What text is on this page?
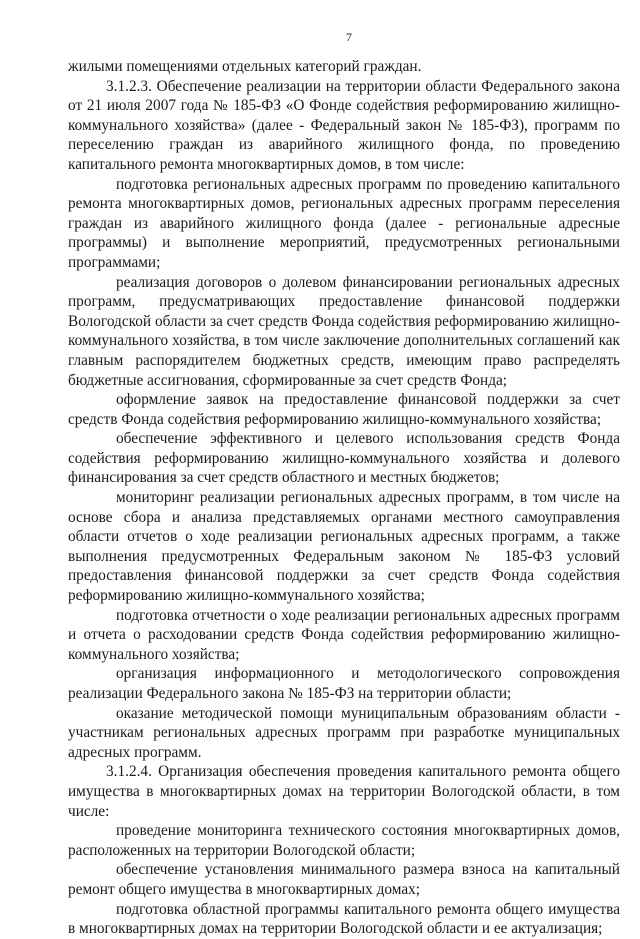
7

жилыми помещениями отдельных категорий граждан.

3.1.2.3. Обеспечение реализации на территории области Федерального закона от 21 июля 2007 года № 185-ФЗ «О Фонде содействия реформированию жилищно-коммунального хозяйства» (далее - Федеральный закон № 185-ФЗ), программ по переселению граждан из аварийного жилищного фонда, по проведению капитального ремонта многоквартирных домов, в том числе:

подготовка региональных адресных программ по проведению капитального ремонта многоквартирных домов, региональных адресных программ переселения граждан из аварийного жилищного фонда (далее - региональные адресные программы) и выполнение мероприятий, предусмотренных региональными программами;

реализация договоров о долевом финансировании региональных адресных программ, предусматривающих предоставление финансовой поддержки Вологодской области за счет средств Фонда содействия реформированию жилищно-коммунального хозяйства, в том числе заключение дополнительных соглашений как главным распорядителем бюджетных средств, имеющим право распределять бюджетные ассигнования, сформированные за счет средств Фонда;

оформление заявок на предоставление финансовой поддержки за счет средств Фонда содействия реформированию жилищно-коммунального хозяйства;

обеспечение эффективного и целевого использования средств Фонда содействия реформированию жилищно-коммунального хозяйства и долевого финансирования за счет средств областного и местных бюджетов;

мониторинг реализации региональных адресных программ, в том числе на основе сбора и анализа представляемых органами местного самоуправления области отчетов о ходе реализации региональных адресных программ, а также выполнения предусмотренных Федеральным законом № 185-ФЗ условий предоставления финансовой поддержки за счет средств Фонда содействия реформированию жилищно-коммунального хозяйства;

подготовка отчетности о ходе реализации региональных адресных программ и отчета о расходовании средств Фонда содействия реформированию жилищно-коммунального хозяйства;

организация информационного и методологического сопровождения реализации Федерального закона № 185-ФЗ на территории области;

оказание методической помощи муниципальным образованиям области - участникам региональных адресных программ при разработке муниципальных адресных программ.

3.1.2.4. Организация обеспечения проведения капитального ремонта общего имущества в многоквартирных домах на территории Вологодской области, в том числе:

проведение мониторинга технического состояния многоквартирных домов, расположенных на территории Вологодской области;

обеспечение установления минимального размера взноса на капитальный ремонт общего имущества в многоквартирных домах;

подготовка областной программы капитального ремонта общего имущества в многоквартирных домах на территории Вологодской области и ее актуализация;
